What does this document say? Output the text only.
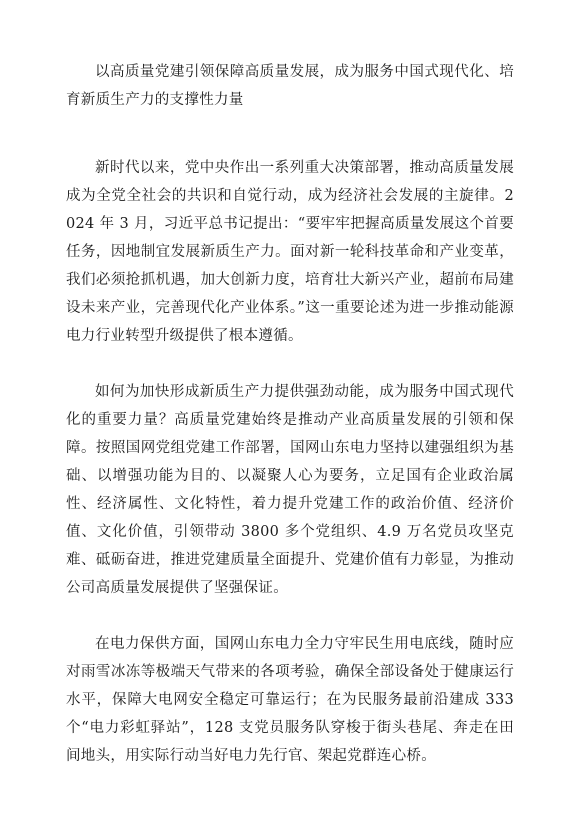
以高质量党建引领保障高质量发展，成为服务中国式现代化、培育新质生产力的支撑性力量

新时代以来，党中央作出一系列重大决策部署，推动高质量发展成为全党全社会的共识和自觉行动，成为经济社会发展的主旋律。2024 年 3 月，习近平总书记提出：“要牢牢把握高质量发展这个首要任务，因地制宜发展新质生产力。面对新一轮科技革命和产业变革，我们必须抢抓机遇，加大创新力度，培育壮大新兴产业，超前布局建设未来产业，完善现代化产业体系。”这一重要论述为进一步推动能源电力行业转型升级提供了根本遵循。

如何为加快形成新质生产力提供强劲动能，成为服务中国式现代化的重要力量？高质量党建始终是推动产业高质量发展的引领和保障。按照国网党组党建工作部署，国网山东电力坚持以建强组织为基础、以增强功能为目的、以凝聚人心为要务，立足国有企业政治属性、经济属性、文化特性，着力提升党建工作的政治价值、经济价值、文化价值，引领带动 3800 多个党组织、4.9 万名党员攻坚克难、砥砺奋进，推进党建质量全面提升、党建价值有力彰显，为推动公司高质量发展提供了坚强保证。

在电力保供方面，国网山东电力全力守牢民生用电底线，随时应对雨雪冰冻等极端天气带来的各项考验，确保全部设备处于健康运行水平，保障大电网安全稳定可靠运行；在为民服务最前沿建成 333 个“电力彩虹驿站”，128 支党员服务队穿梭于街头巷尾、奔走在田间地头，用实际行动当好电力先行官、架起党群连心桥。
